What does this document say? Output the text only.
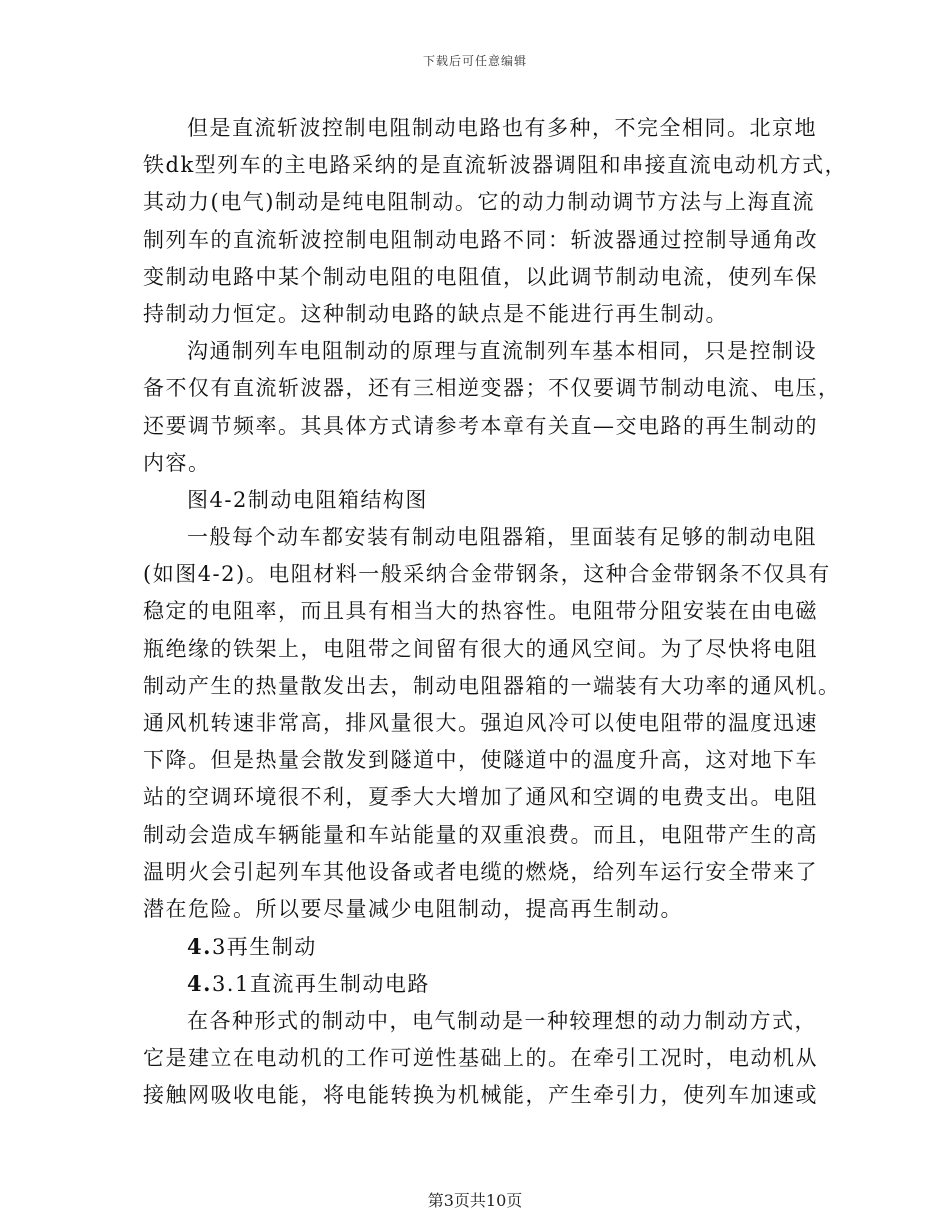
下载后可任意编辑
但是直流斩波控制电阻制动电路也有多种，不完全相同。北京地
铁dk型列车的主电路采纳的是直流斩波器调阻和串接直流电动机方式，
其动力(电气)制动是纯电阻制动。它的动力制动调节方法与上海直流
制列车的直流斩波控制电阻制动电路不同：斩波器通过控制导通角改
变制动电路中某个制动电阻的电阻值，以此调节制动电流，使列车保
持制动力恒定。这种制动电路的缺点是不能进行再生制动。
沟通制列车电阻制动的原理与直流制列车基本相同，只是控制设
备不仅有直流斩波器，还有三相逆变器；不仅要调节制动电流、电压，
还要调节频率。其具体方式请参考本章有关直—交电路的再生制动的
内容。
图4-2制动电阻箱结构图
一般每个动车都安装有制动电阻器箱，里面装有足够的制动电阻
(如图4-2)。电阻材料一般采纳合金带钢条，这种合金带钢条不仅具有
稳定的电阻率，而且具有相当大的热容性。电阻带分阻安装在由电磁
瓶绝缘的铁架上，电阻带之间留有很大的通风空间。为了尽快将电阻
制动产生的热量散发出去，制动电阻器箱的一端装有大功率的通风机。
通风机转速非常高，排风量很大。强迫风冷可以使电阻带的温度迅速
下降。但是热量会散发到隧道中，使隧道中的温度升高，这对地下车
站的空调环境很不利，夏季大大增加了通风和空调的电费支出。电阻
制动会造成车辆能量和车站能量的双重浪费。而且，电阻带产生的高
温明火会引起列车其他设备或者电缆的燃烧，给列车运行安全带来了
潜在危险。所以要尽量减少电阻制动，提高再生制动。
4.3再生制动
4.3.1直流再生制动电路
在各种形式的制动中，电气制动是一种较理想的动力制动方式，
它是建立在电动机的工作可逆性基础上的。在牵引工况时，电动机从
接触网吸收电能，将电能转换为机械能，产生牵引力，使列车加速或
第3页共10页
